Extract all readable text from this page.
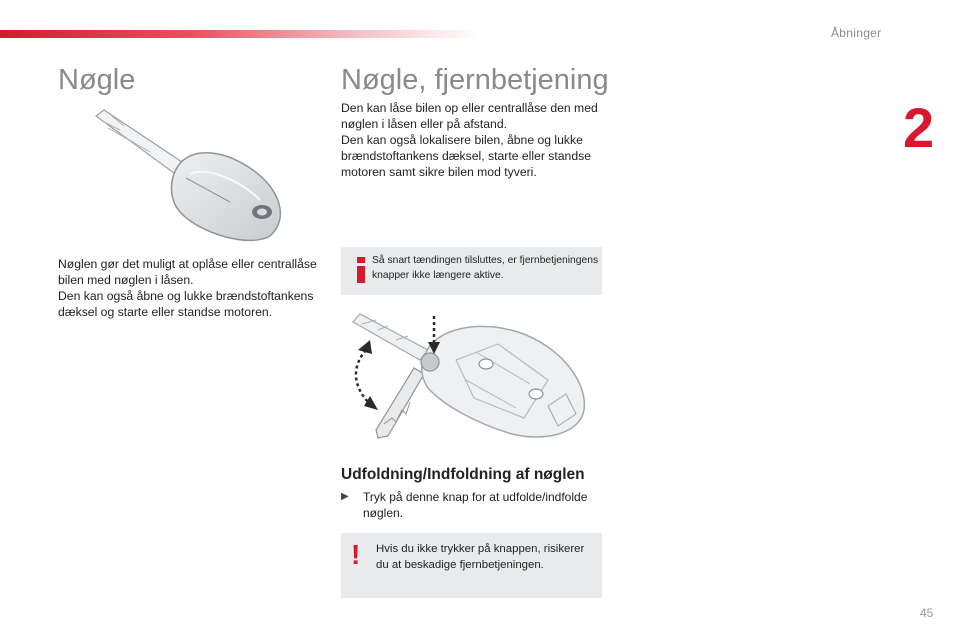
Åbninger
2
Nøgle	Nøgle, fjernbetjening

Nøglen gør det muligt at oplåse eller centrallåse bilen med nøglen i låsen.

Den kan også åbne og lukke brændstoftankens dæksel og starte eller standse motoren.

Den kan låse bilen op eller centrallåse den med nøglen i låsen eller på afstand.

Den kan også lokalisere bilen, åbne og lukke brændstoftankens dæksel, starte eller standse motoren samt sikre bilen mod tyveri.

Så snart tændingen tilsluttes, er fjernbetjeningens knapper ikke længere aktive.
Udfoldning/Indfoldning af nøglen
▶	Tryk på denne knap for at udfolde/indfolde nøglen.
! Hvis du ikke trykker på knappen, risikerer du at beskadige fjernbetjeningen.
45
